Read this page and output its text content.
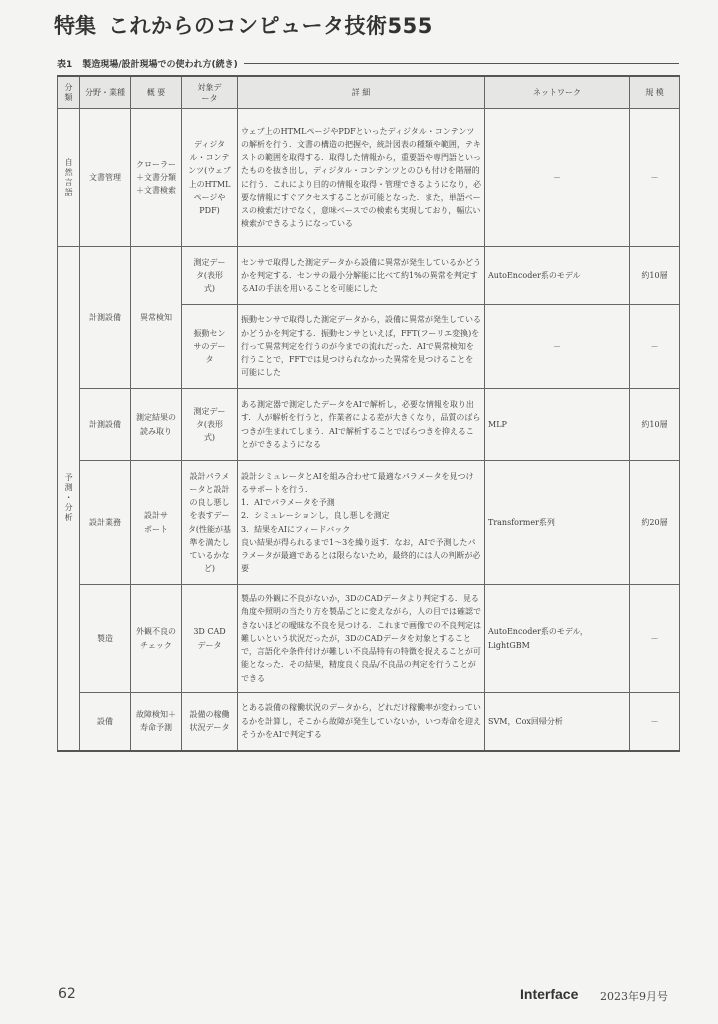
特集 これからのコンピュータ技術555
表1 製造現場/設計現場での使われ方(続き)
分類	分野・業種	概 要	対象データ	詳 細	ネットワーク	規 模

自然言語	文書管理	クローラー＋文書分類＋文書検索	ディジタル・コンテンツ(ウェブ上のHTMLページやPDF)	ウェブ上のHTMLページやPDFといったディジタル・コンテンツの解析を行う．文書の構造の把握や，統計図表の種類や範囲，テキストの範囲を取得する．取得した情報から，重要語や専門語といったものを抜き出し，ディジタル・コンテンツとのひも付けを階層的に行う．これにより目的の情報を取得・管理できるようになり，必要な情報にすぐアクセスすることが可能となった．また，単語ベースの検索だけでなく，意味ベースでの検索も実現しており，幅広い検索ができるようになっている	－	－

予測・分析	計測設備	異常検知	測定データ(表形式)	センサで取得した測定データから設備に異常が発生しているかどうかを判定する．センサの最小分解能に比べて約1%の異常を判定するAIの手法を用いることを可能にした	AutoEncoder系のモデル	約10層

			振動センサのデータ	振動センサで取得した測定データから，設備に異常が発生しているかどうかを判定する．振動センサといえば，FFT(フーリエ変換)を行って異常判定を行うのが今までの流れだった．AIで異常検知を行うことで，FFTでは見つけられなかった異常を見つけることを可能にした	－	－
	計測設備	測定結果の読み取り	測定データ(表形式)	ある測定器で測定したデータをAIで解析し，必要な情報を取り出す．人が解析を行うと，作業者による差が大きくなり，品質のばらつきが生まれてしまう．AIで解析することでばらつきを抑えることができるようになる	MLP	約10層
	設計業務	設計サポート	設計パラメータと設計の良し悪しを表すデータ(性能が基準を満たしているかなど)	設計シミュレータとAIを組み合わせて最適なパラメータを見つけるサポートを行う．
1．AIでパラメータを予測
2．シミュレーションし，良し悪しを測定
3．結果をAIにフィードバック
良い結果が得られるまで1～3を繰り返す．なお，AIで予測したパラメータが最適であるとは限らないため，最終的には人の判断が必要	Transformer系列	約20層
	製造	外観不良のチェック	3D CADデータ	製品の外観に不良がないか，3DのCADデータより判定する．見る角度や照明の当たり方を製品ごとに変えながら，人の目では確認できないほどの曖昧な不良を見つける．これまで画像での不良判定は難しいという状況だったが，3DのCADデータを対象とすることで，言語化や条件付けが難しい不良品特有の特徴を捉えることが可能となった．その結果，精度良く良品/不良品の判定を行うことができる	AutoEncoder系のモデル，LightGBM	－
	設備	故障検知＋寿命予測	設備の稼働状況データ	とある設備の稼働状況のデータから，どれだけ稼働率が変わっているかを計算し，そこから故障が発生していないか，いつ寿命を迎えそうかをAIで判定する	SVM，Cox回帰分析	－
62	Interface 2023年9月号
